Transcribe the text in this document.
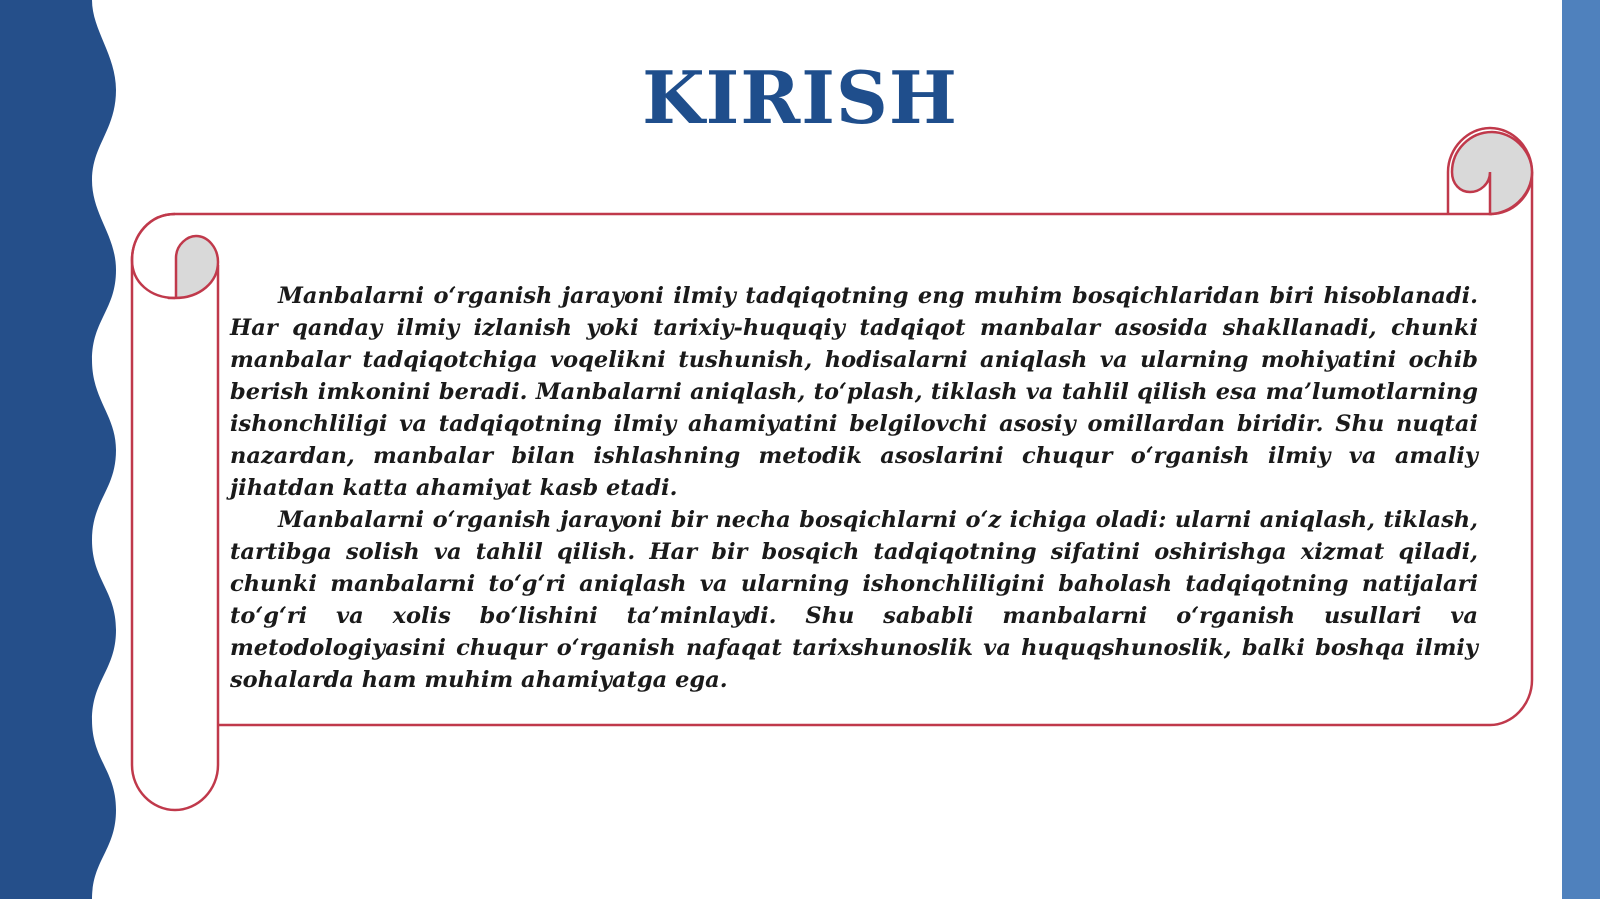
KIRISH

Manbalarni o‘rganish jarayoni ilmiy tadqiqotning eng muhim bosqichlaridan biri hisoblanadi. Har qanday ilmiy izlanish yoki tarixiy-huquqiy tadqiqot manbalar asosida shakllanadi, chunki manbalar tadqiqotchiga voqelikni tushunish, hodisalarni aniqlash va ularning mohiyatini ochib berish imkonini beradi. Manbalarni aniqlash, to‘plash, tiklash va tahlil qilish esa ma’lumotlarning ishonchliligi va tadqiqotning ilmiy ahamiyatini belgilovchi asosiy omillardan biridir. Shu nuqtai nazardan, manbalar bilan ishlashning metodik asoslarini chuqur o‘rganish ilmiy va amaliy jihatdan katta ahamiyat kasb etadi.

Manbalarni o‘rganish jarayoni bir necha bosqichlarni o‘z ichiga oladi: ularni aniqlash, tiklash, tartibga solish va tahlil qilish. Har bir bosqich tadqiqotning sifatini oshirishga xizmat qiladi, chunki manbalarni to‘g‘ri aniqlash va ularning ishonchliligini baholash tadqiqotning natijalari to‘g‘ri va xolis bo‘lishini ta’minlaydi. Shu sababli manbalarni o‘rganish usullari va metodologiyasini chuqur o‘rganish nafaqat tarixshunoslik va huquqshunoslik, balki boshqa ilmiy sohalarda ham muhim ahamiyatga ega.
